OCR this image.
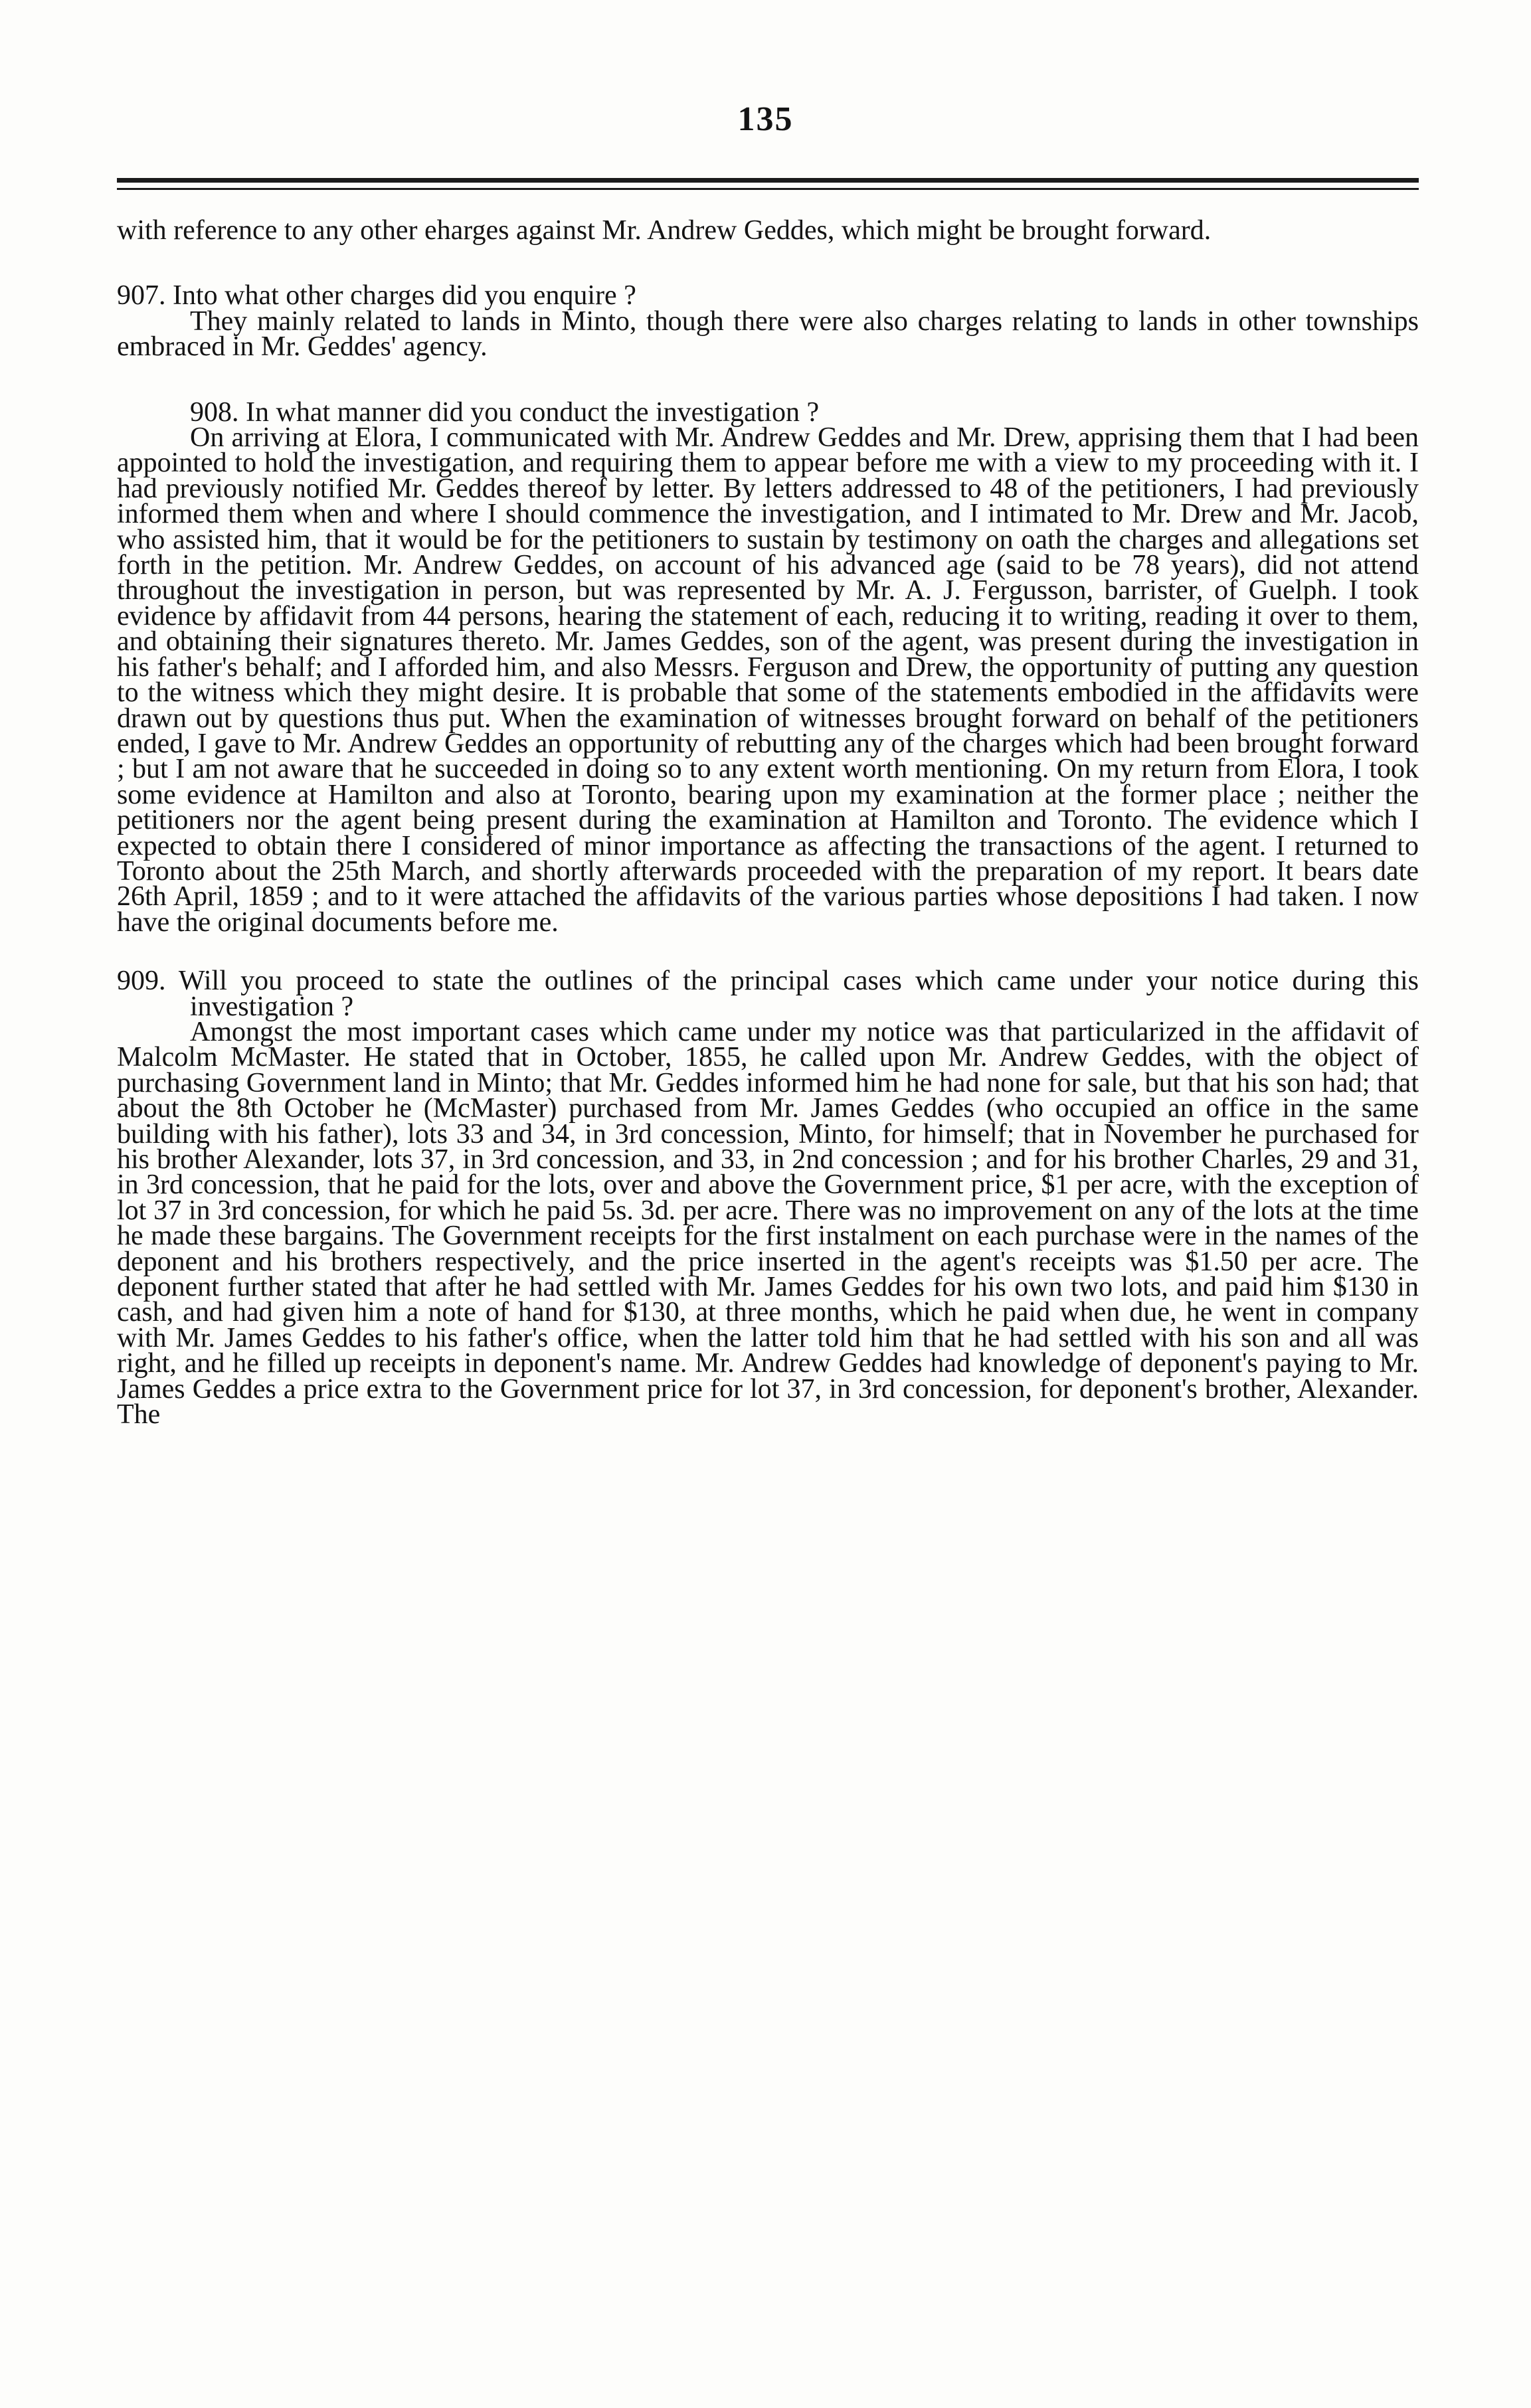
135

with reference to any other eharges against Mr. Andrew Geddes, which might be brought forward.

907. Into what other charges did you enquire ?

They mainly related to lands in Minto, though there were also charges relating to lands in other townships embraced in Mr. Geddes' agency.

908. In what manner did you conduct the investigation ?

On arriving at Elora, I communicated with Mr. Andrew Geddes and Mr. Drew, apprising them that I had been appointed to hold the investigation, and requiring them to appear before me with a view to my proceeding with it. I had previously notified Mr. Geddes thereof by letter. By letters addressed to 48 of the petitioners, I had previously informed them when and where I should commence the investigation, and I intimated to Mr. Drew and Mr. Jacob, who assisted him, that it would be for the petitioners to sustain by testimony on oath the charges and allegations set forth in the petition. Mr. Andrew Geddes, on account of his advanced age (said to be 78 years), did not attend throughout the investigation in person, but was represented by Mr. A. J. Fergusson, barrister, of Guelph. I took evidence by affidavit from 44 persons, hearing the statement of each, reducing it to writing, reading it over to them, and obtaining their signatures thereto. Mr. James Geddes, son of the agent, was present during the investigation in his father's behalf; and I afforded him, and also Messrs. Ferguson and Drew, the opportunity of putting any question to the witness which they might desire. It is probable that some of the statements embodied in the affidavits were drawn out by questions thus put. When the examination of witnesses brought forward on behalf of the petitioners ended, I gave to Mr. Andrew Geddes an opportunity of rebutting any of the charges which had been brought forward ; but I am not aware that he succeeded in doing so to any extent worth mentioning. On my return from Elora, I took some evidence at Hamilton and also at Toronto, bearing upon my examination at the former place ; neither the petitioners nor the agent being present during the examination at Hamilton and Toronto. The evidence which I expected to obtain there I considered of minor importance as affecting the transactions of the agent. I returned to Toronto about the 25th March, and shortly afterwards proceeded with the preparation of my report. It bears date 26th April, 1859 ; and to it were attached the affidavits of the various parties whose depositions I had taken. I now have the original documents before me.

909. Will you proceed to state the outlines of the principal cases which came under your notice during this investigation ?

Amongst the most important cases which came under my notice was that particularized in the affidavit of Malcolm McMaster. He stated that in October, 1855, he called upon Mr. Andrew Geddes, with the object of purchasing Government land in Minto; that Mr. Geddes informed him he had none for sale, but that his son had; that about the 8th October he (McMaster) purchased from Mr. James Geddes (who occupied an office in the same building with his father), lots 33 and 34, in 3rd concession, Minto, for himself; that in November he purchased for his brother Alexander, lots 37, in 3rd concession, and 33, in 2nd concession ; and for his brother Charles, 29 and 31, in 3rd concession, that he paid for the lots, over and above the Government price, $1 per acre, with the exception of lot 37 in 3rd concession, for which he paid 5s. 3d. per acre. There was no improvement on any of the lots at the time he made these bargains. The Government receipts for the first instalment on each purchase were in the names of the deponent and his brothers respectively, and the price inserted in the agent's receipts was $1.50 per acre. The deponent further stated that after he had settled with Mr. James Geddes for his own two lots, and paid him $130 in cash, and had given him a note of hand for $130, at three months, which he paid when due, he went in company with Mr. James Geddes to his father's office, when the latter told him that he had settled with his son and all was right, and he filled up receipts in deponent's name. Mr. Andrew Geddes had knowledge of deponent's paying to Mr. James Geddes a price extra to the Government price for lot 37, in 3rd concession, for deponent's brother, Alexander. The
